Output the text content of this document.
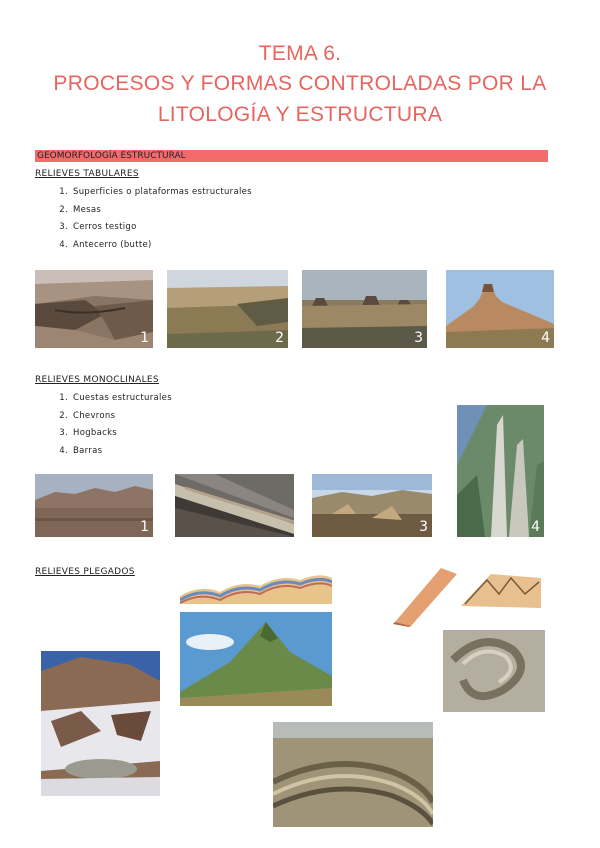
TEMA 6.
PROCESOS Y FORMAS CONTROLADAS POR LA
LITOLOGÍA Y ESTRUCTURA
GEOMORFOLOGÍA ESTRUCTURAL
RELIEVES TABULARES
1. Superficies o plataformas estructurales
2. Mesas
3. Cerros testigo
4. Antecerro (butte)
1	2	3	4
RELIEVES MONOCLINALES
1. Cuestas estructurales
2. Chevrons
3. Hogbacks
4. Barras
1	3	4
RELIEVES PLEGADOS
